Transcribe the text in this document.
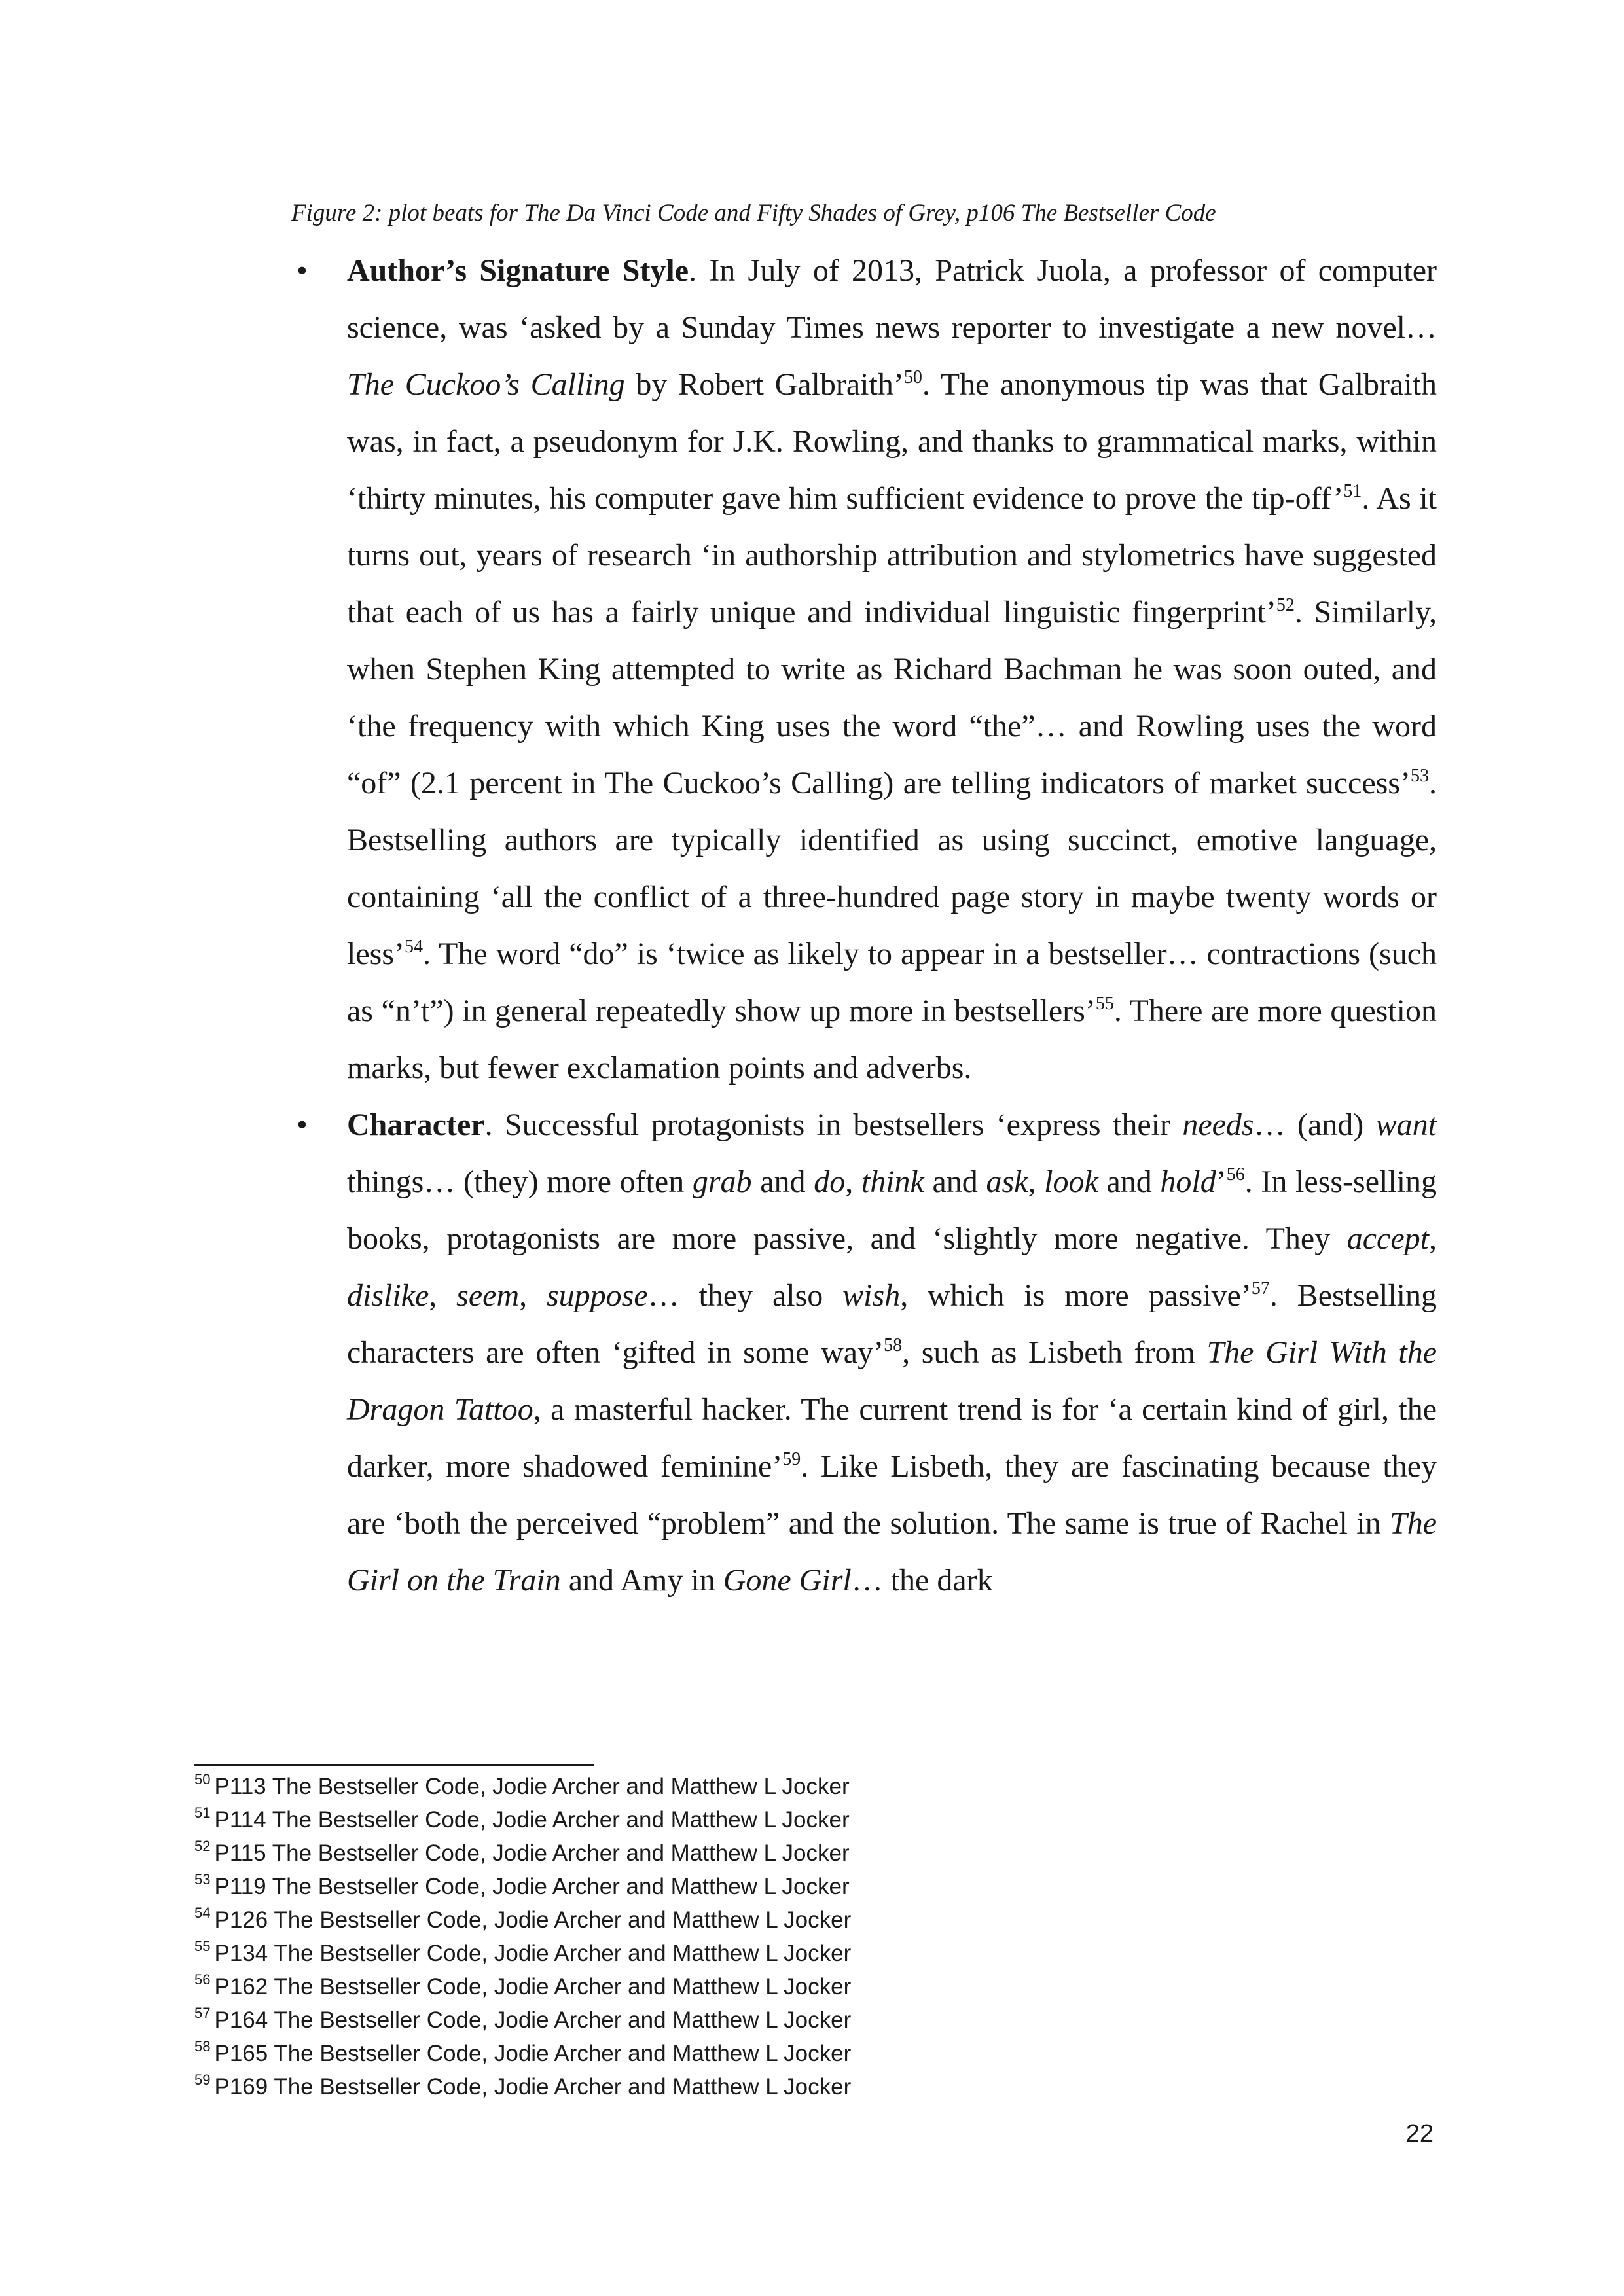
Figure 2: plot beats for The Da Vinci Code and Fifty Shades of Grey, p106 The Bestseller Code
• Author’s Signature Style. In July of 2013, Patrick Juola, a professor of computer science, was ‘asked by a Sunday Times news reporter to investigate a new novel… The Cuckoo’s Calling by Robert Galbraith’$^{50}$. The anonymous tip was that Galbraith was, in fact, a pseudonym for J.K. Rowling, and thanks to grammatical marks, within ‘thirty minutes, his computer gave him sufficient evidence to prove the tip-off’$^{51}$. As it turns out, years of research ‘in authorship attribution and stylometrics have suggested that each of us has a fairly unique and individual linguistic fingerprint’$^{52}$. Similarly, when Stephen King attempted to write as Richard Bachman he was soon outed, and ‘the frequency with which King uses the word “the”… and Rowling uses the word “of” (2.1 percent in The Cuckoo’s Calling) are telling indicators of market success’$^{53}$. Bestselling authors are typically identified as using succinct, emotive language, containing ‘all the conflict of a three-hundred page story in maybe twenty words or less’$^{54}$. The word “do” is ‘twice as likely to appear in a bestseller… contractions (such as “n’t”) in general repeatedly show up more in bestsellers’$^{55}$. There are more question marks, but fewer exclamation points and adverbs.
• Character. Successful protagonists in bestsellers ‘express their needs… (and) want things… (they) more often grab and do, think and ask, look and hold’$^{56}$. In less-selling books, protagonists are more passive, and ‘slightly more negative. They accept, dislike, seem, suppose… they also wish, which is more passive’$^{57}$. Bestselling characters are often ‘gifted in some way’$^{58}$, such as Lisbeth from The Girl With the Dragon Tattoo, a masterful hacker. The current trend is for ‘a certain kind of girl, the darker, more shadowed feminine’$^{59}$. Like Lisbeth, they are fascinating because they are ‘both the perceived “problem” and the solution. The same is true of Rachel in The Girl on the Train and Amy in Gone Girl… the dark
$^{50}$ P113 The Bestseller Code, Jodie Archer and Matthew L Jocker
$^{51}$ P114 The Bestseller Code, Jodie Archer and Matthew L Jocker
$^{52}$ P115 The Bestseller Code, Jodie Archer and Matthew L Jocker
$^{53}$ P119 The Bestseller Code, Jodie Archer and Matthew L Jocker
$^{54}$ P126 The Bestseller Code, Jodie Archer and Matthew L Jocker
$^{55}$ P134 The Bestseller Code, Jodie Archer and Matthew L Jocker
$^{56}$ P162 The Bestseller Code, Jodie Archer and Matthew L Jocker
$^{57}$ P164 The Bestseller Code, Jodie Archer and Matthew L Jocker
$^{58}$ P165 The Bestseller Code, Jodie Archer and Matthew L Jocker
$^{59}$ P169 The Bestseller Code, Jodie Archer and Matthew L Jocker
22
